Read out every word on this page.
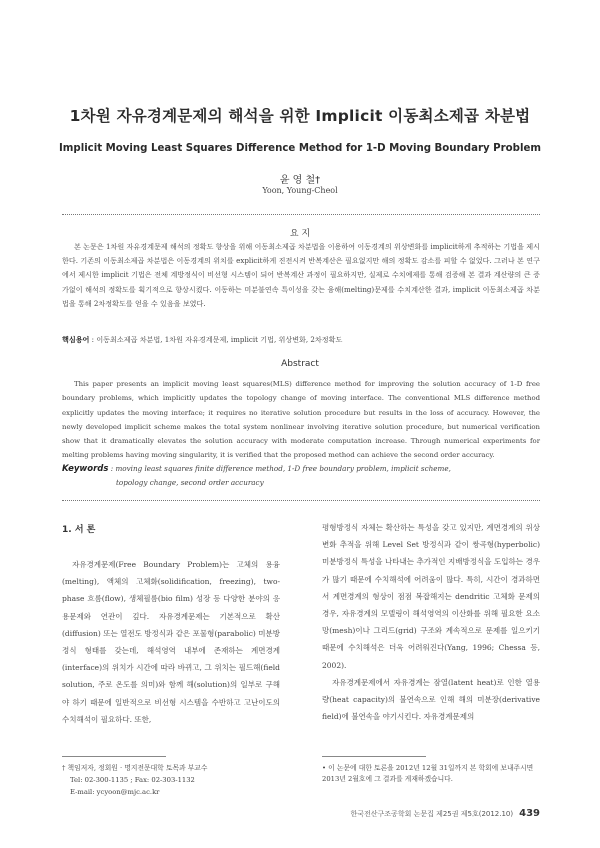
1차원 자유경계문제의 해석을 위한 Implicit 이동최소제곱 차분법
Implicit Moving Least Squares Difference Method for 1-D Moving Boundary Problem
윤 영 철†
Yoon, Young-Cheol
요 지
본 논문은 1차원 자유경계문제 해석의 정확도 향상을 위해 이동최소제곱 차분법을 이용하여 이동경계의 위상변화를 implicit하게 추적하는 기법을 제시한다. 기존의 이동최소제곱 차분법은 이동경계의 위치를 explicit하게 진전시켜 반복계산은 필요없지만 해의 정확도 감소를 피할 수 없었다. 그러나 본 연구에서 제시한 implicit 기법은 전체 계방정식이 비선형 시스템이 되어 반복계산 과정이 필요하지만, 실제로 수치예제를 통해 검증해 본 결과 계산량의 큰 증가없이 해석의 정확도를 획기적으로 향상시켰다. 이동하는 미분불연속 특이성을 갖는 융해(melting)문제를 수치계산한 결과, implicit 이동최소제곱 차분법을 통해 2차정확도를 얻을 수 있음을 보였다.
핵심용어 : 이동최소제곱 차분법, 1차원 자유경계문제, implicit 기법, 위상변화, 2차정확도
Abstract
This paper presents an implicit moving least squares(MLS) difference method for improving the solution accuracy of 1-D free boundary problems, which implicitly updates the topology change of moving interface. The conventional MLS difference method explicitly updates the moving interface; it requires no iterative solution procedure but results in the loss of accuracy. However, the newly developed implicit scheme makes the total system nonlinear involving iterative solution procedure, but numerical verification show that it dramatically elevates the solution accuracy with moderate computation increase. Through numerical experiments for melting problems having moving singularity, it is verified that the proposed method can achieve the second order accuracy.
Keywords : moving least squares finite difference method, 1-D free boundary problem, implicit scheme,
topology change, second order accuracy
1. 서 론
자유경계문제(Free Boundary Problem)는 고체의 용융(melting), 액체의 고체화(solidification, freezing), two-phase 흐름(flow), 생체필름(bio film) 성장 등 다양한 분야의 응용문제와 연관이 깊다. 자유경계문제는 기본적으로 확산(diffusion) 또는 열전도 방정식과 같은 포물형(parabolic) 미분방정식 형태를 갖는데, 해석영역 내부에 존재하는 계면경계(interface)의 위치가 시간에 따라 바뀌고, 그 위치는 필드해(field solution, 주로 온도를 의미)와 함께 해(solution)의 일부로 구해야 하기 때문에 일반적으로 비선형 시스템을 수반하고 고난이도의 수치해석이 필요하다. 또한,
평형방정식 자체는 확산하는 특성을 갖고 있지만, 계면경계의 위상변화 추적을 위해 Level Set 방정식과 같이 쌍곡형(hyperbolic) 미분방정식 특성을 나타내는 추가적인 지배방정식을 도입하는 경우가 많기 때문에 수치해석에 어려움이 많다. 특히, 시간이 경과하면서 계면경계의 형상이 점점 복잡해지는 dendritic 고체화 문제의 경우, 자유경계의 모델링이 해석영역의 이산화를 위해 필요한 요소망(mesh)이나 그리드(grid) 구조와 계속적으로 문제를 일으키기 때문에 수치해석은 더욱 어려워진다(Yang, 1996; Chessa 등, 2002).
자유경계문제에서 자유경계는 잠열(latent heat)로 인한 열용량(heat capacity)의 불연속으로 인해 해의 미분장(derivative field)에 불연속을 야기시킨다. 자유경계문제의
† 책임저자, 정회원 · 명지전문대학 토목과 부교수
Tel: 02-300-1135 ; Fax: 02-303-1132
E-mail: ycyoon@mjc.ac.kr
• 이 논문에 대한 토론을 2012년 12월 31일까지 본 학회에 보내주시면 2013년 2월호에 그 결과를 게재하겠습니다.
한국전산구조공학회 논문집 제25권 제5호(2012.10) 439
